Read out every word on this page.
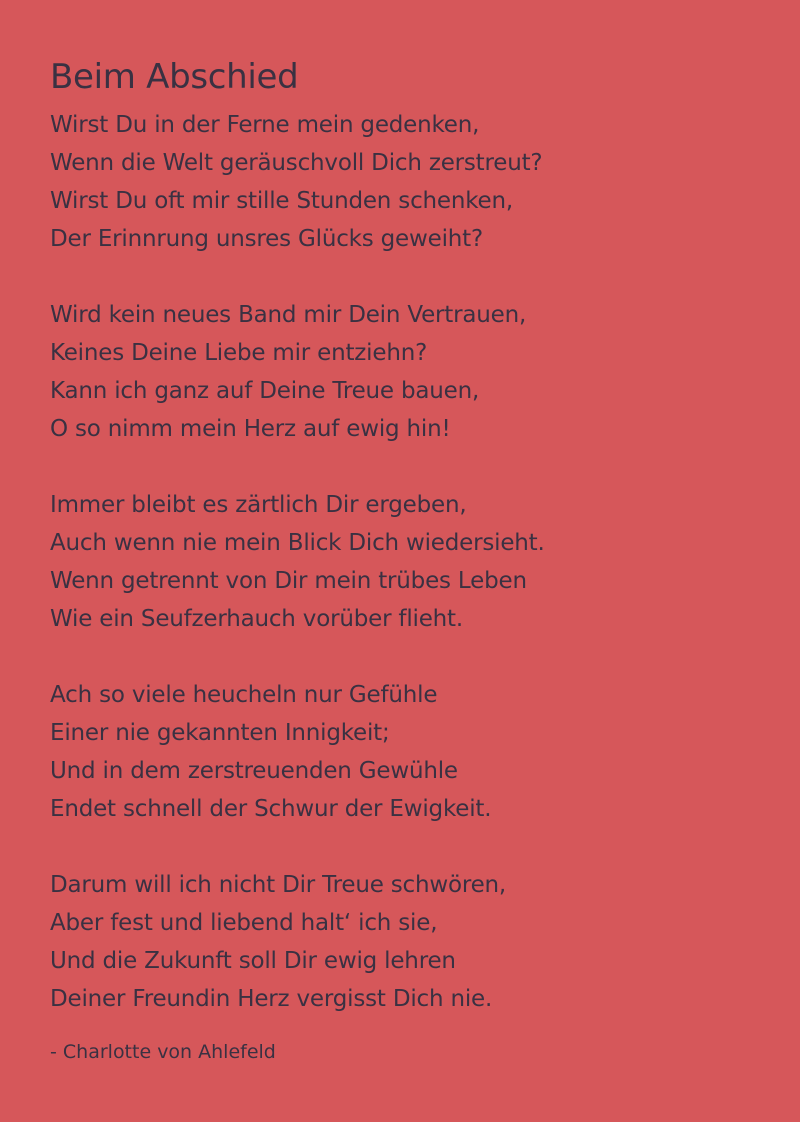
Beim Abschied
Wirst Du in der Ferne mein gedenken,
Wenn die Welt geräuschvoll Dich zerstreut?
Wirst Du oft mir stille Stunden schenken,
Der Erinnrung unsres Glücks geweiht?
Wird kein neues Band mir Dein Vertrauen,
Keines Deine Liebe mir entziehn?
Kann ich ganz auf Deine Treue bauen,
O so nimm mein Herz auf ewig hin!
Immer bleibt es zärtlich Dir ergeben,
Auch wenn nie mein Blick Dich wiedersieht.
Wenn getrennt von Dir mein trübes Leben
Wie ein Seufzerhauch vorüber flieht.
Ach so viele heucheln nur Gefühle
Einer nie gekannten Innigkeit;
Und in dem zerstreuenden Gewühle
Endet schnell der Schwur der Ewigkeit.
Darum will ich nicht Dir Treue schwören,
Aber fest und liebend halt‘ ich sie,
Und die Zukunft soll Dir ewig lehren
Deiner Freundin Herz vergisst Dich nie.
- Charlotte von Ahlefeld
